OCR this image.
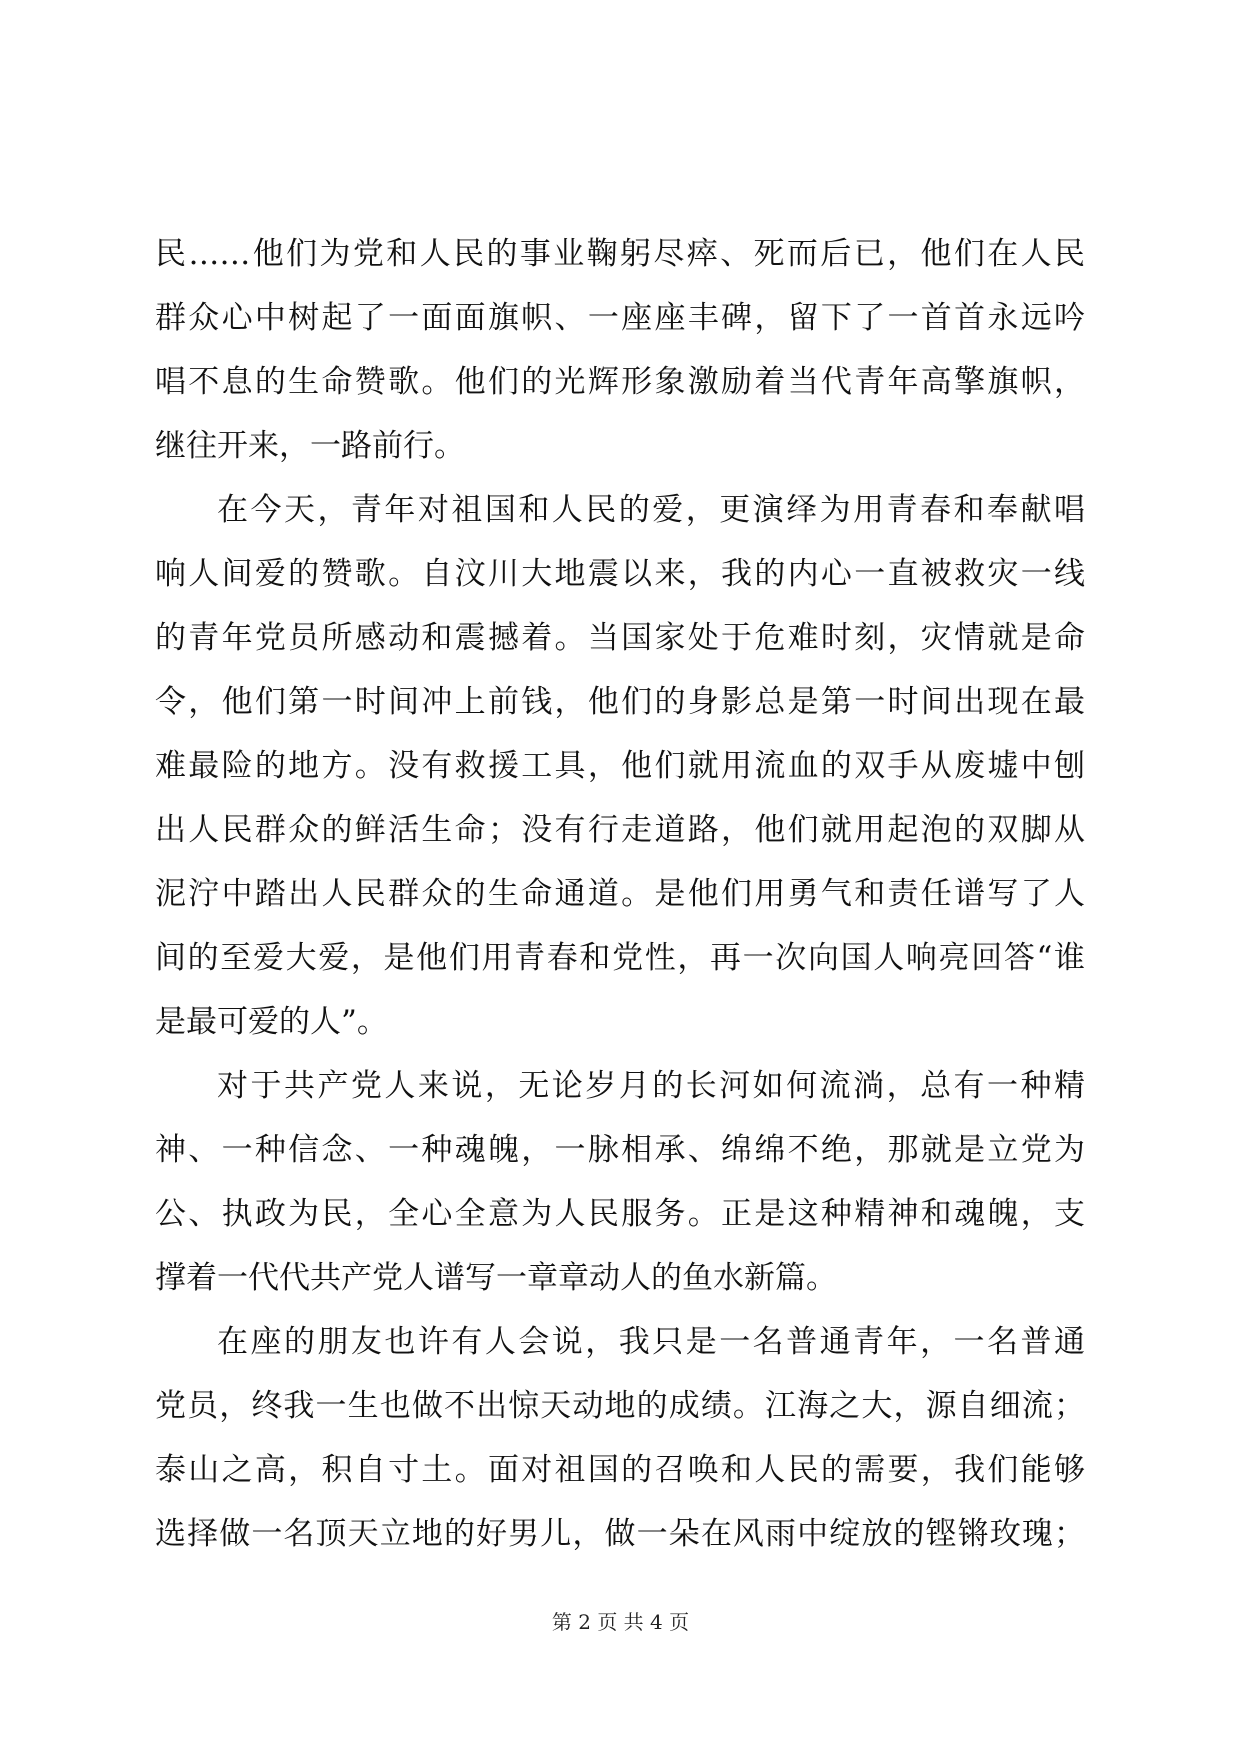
民……他们为党和人民的事业鞠躬尽瘁、死而后已，他们在人民
群众心中树起了一面面旗帜、一座座丰碑，留下了一首首永远吟
唱不息的生命赞歌。他们的光辉形象激励着当代青年高擎旗帜，
继往开来，一路前行。
在今天，青年对祖国和人民的爱，更演绎为用青春和奉献唱
响人间爱的赞歌。自汶川大地震以来，我的内心一直被救灾一线
的青年党员所感动和震撼着。当国家处于危难时刻，灾情就是命
令，他们第一时间冲上前钱，他们的身影总是第一时间出现在最
难最险的地方。没有救援工具，他们就用流血的双手从废墟中刨
出人民群众的鲜活生命；没有行走道路，他们就用起泡的双脚从
泥泞中踏出人民群众的生命通道。是他们用勇气和责任谱写了人
间的至爱大爱，是他们用青春和党性，再一次向国人响亮回答“谁
是最可爱的人”。
对于共产党人来说，无论岁月的长河如何流淌，总有一种精
神、一种信念、一种魂魄，一脉相承、绵绵不绝，那就是立党为
公、执政为民，全心全意为人民服务。正是这种精神和魂魄，支
撑着一代代共产党人谱写一章章动人的鱼水新篇。
在座的朋友也许有人会说，我只是一名普通青年，一名普通
党员，终我一生也做不出惊天动地的成绩。江海之大，源自细流；
泰山之高，积自寸土。面对祖国的召唤和人民的需要，我们能够
选择做一名顶天立地的好男儿，做一朵在风雨中绽放的铿锵玫瑰；
第 2 页 共 4 页
